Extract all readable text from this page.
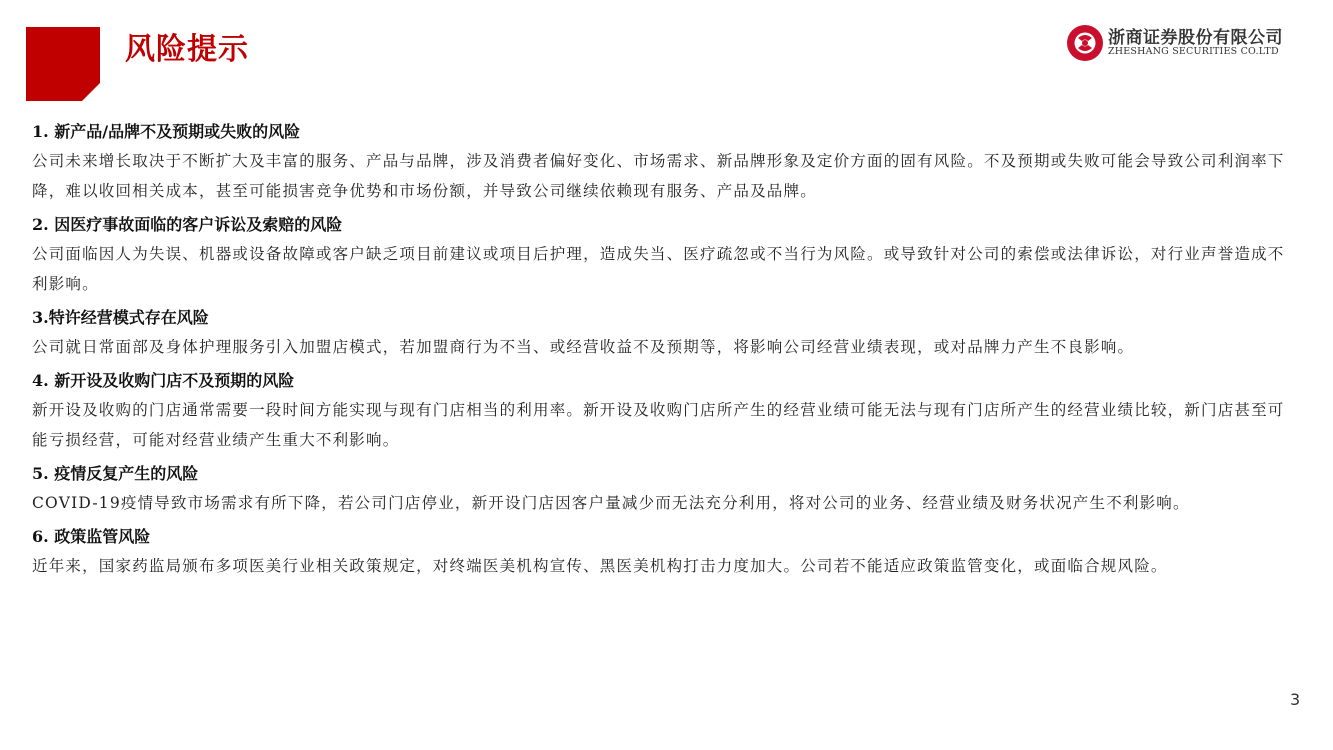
风险提示	浙商证券股份有限公司
ZHESHANG SECURITIES CO.LTD
1. 新产品/品牌不及预期或失败的风险
公司未来增长取决于不断扩大及丰富的服务、产品与品牌，涉及消费者偏好变化、市场需求、新品牌形象及定价方面的固有风险。不及预期或失败可能会导致公司利润率下降，难以收回相关成本，甚至可能损害竞争优势和市场份额，并导致公司继续依赖现有服务、产品及品牌。
2. 因医疗事故面临的客户诉讼及索赔的风险
公司面临因人为失误、机器或设备故障或客户缺乏项目前建议或项目后护理，造成失当、医疗疏忽或不当行为风险。或导致针对公司的索偿或法律诉讼，对行业声誉造成不利影响。
3.特许经营模式存在风险
公司就日常面部及身体护理服务引入加盟店模式，若加盟商行为不当、或经营收益不及预期等，将影响公司经营业绩表现，或对品牌力产生不良影响。
4. 新开设及收购门店不及预期的风险
新开设及收购的门店通常需要一段时间方能实现与现有门店相当的利用率。新开设及收购门店所产生的经营业绩可能无法与现有门店所产生的经营业绩比较，新门店甚至可能亏损经营，可能对经营业绩产生重大不利影响。
5. 疫情反复产生的风险
COVID-19疫情导致市场需求有所下降，若公司门店停业，新开设门店因客户量减少而无法充分利用，将对公司的业务、经营业绩及财务状况产生不利影响。
6. 政策监管风险
近年来，国家药监局颁布多项医美行业相关政策规定，对终端医美机构宣传、黑医美机构打击力度加大。公司若不能适应政策监管变化，或面临合规风险。
3
